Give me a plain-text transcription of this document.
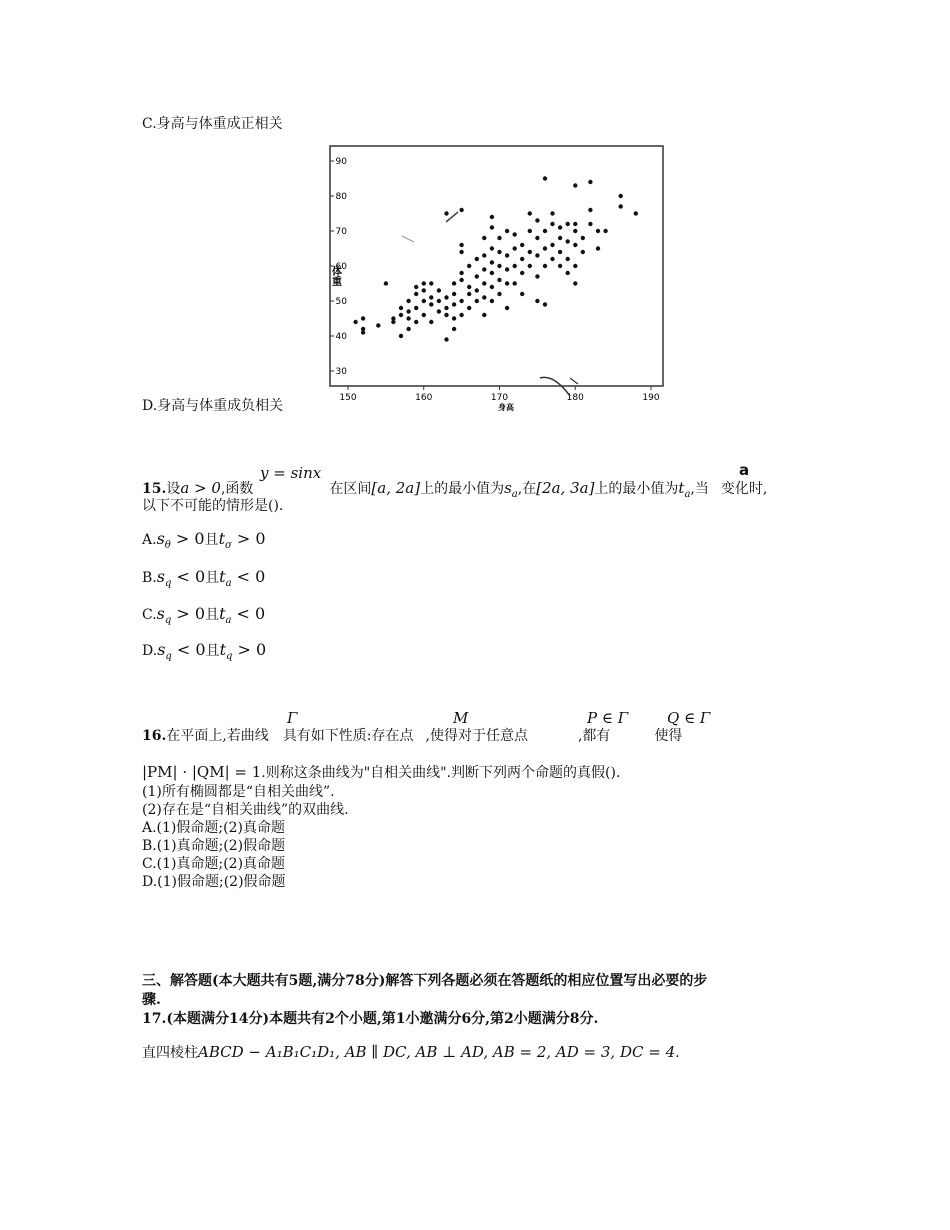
C.身高与体重成正相关
D.身高与体重成负相关
30
40
50
60
70
80
90
150	160	170	180	190
体重
身高
y = sinx	a
15.设a > 0,函数	在区间[a, 2a]上的最小值为$s_a$,在[2a, 3a]上的最小值为$t_a$,当 变化时,
以下不可能的情形是().
$A.s_\theta > 0$且$t_\sigma > 0$
$B.s_q < 0$且$t_a < 0$
$C.s_q > 0$且$t_a < 0$
$D.s_q < 0$且$t_q > 0$
Γ	M	P ∈ Γ	Q ∈ Γ
16.在平面上,若曲线 具有如下性质:存在点 ,使得对于任意点	,都有	使得
|PM| · |QM| = 1.则称这条曲线为"自相关曲线".判断下列两个命题的真假().
(1)所有椭圆都是“自相关曲线”.
(2)存在是“自相关曲线”的双曲线.
A.(1)假命题;(2)真命题
B.(1)真命题;(2)假命题
C.(1)真命题;(2)真命题
D.(1)假命题;(2)假命题
三、解答题(本大题共有5题,满分78分)解答下列各题必须在答题纸的相应位置写出必要的步
骤.
17.(本题满分14分)本题共有2个小题,第1小邀满分6分,第2小题满分8分.
直四棱柱ABCD − A₁B₁C₁D₁, AB ∥ DC, AB ⊥ AD, AB = 2, AD = 3, DC = 4.
